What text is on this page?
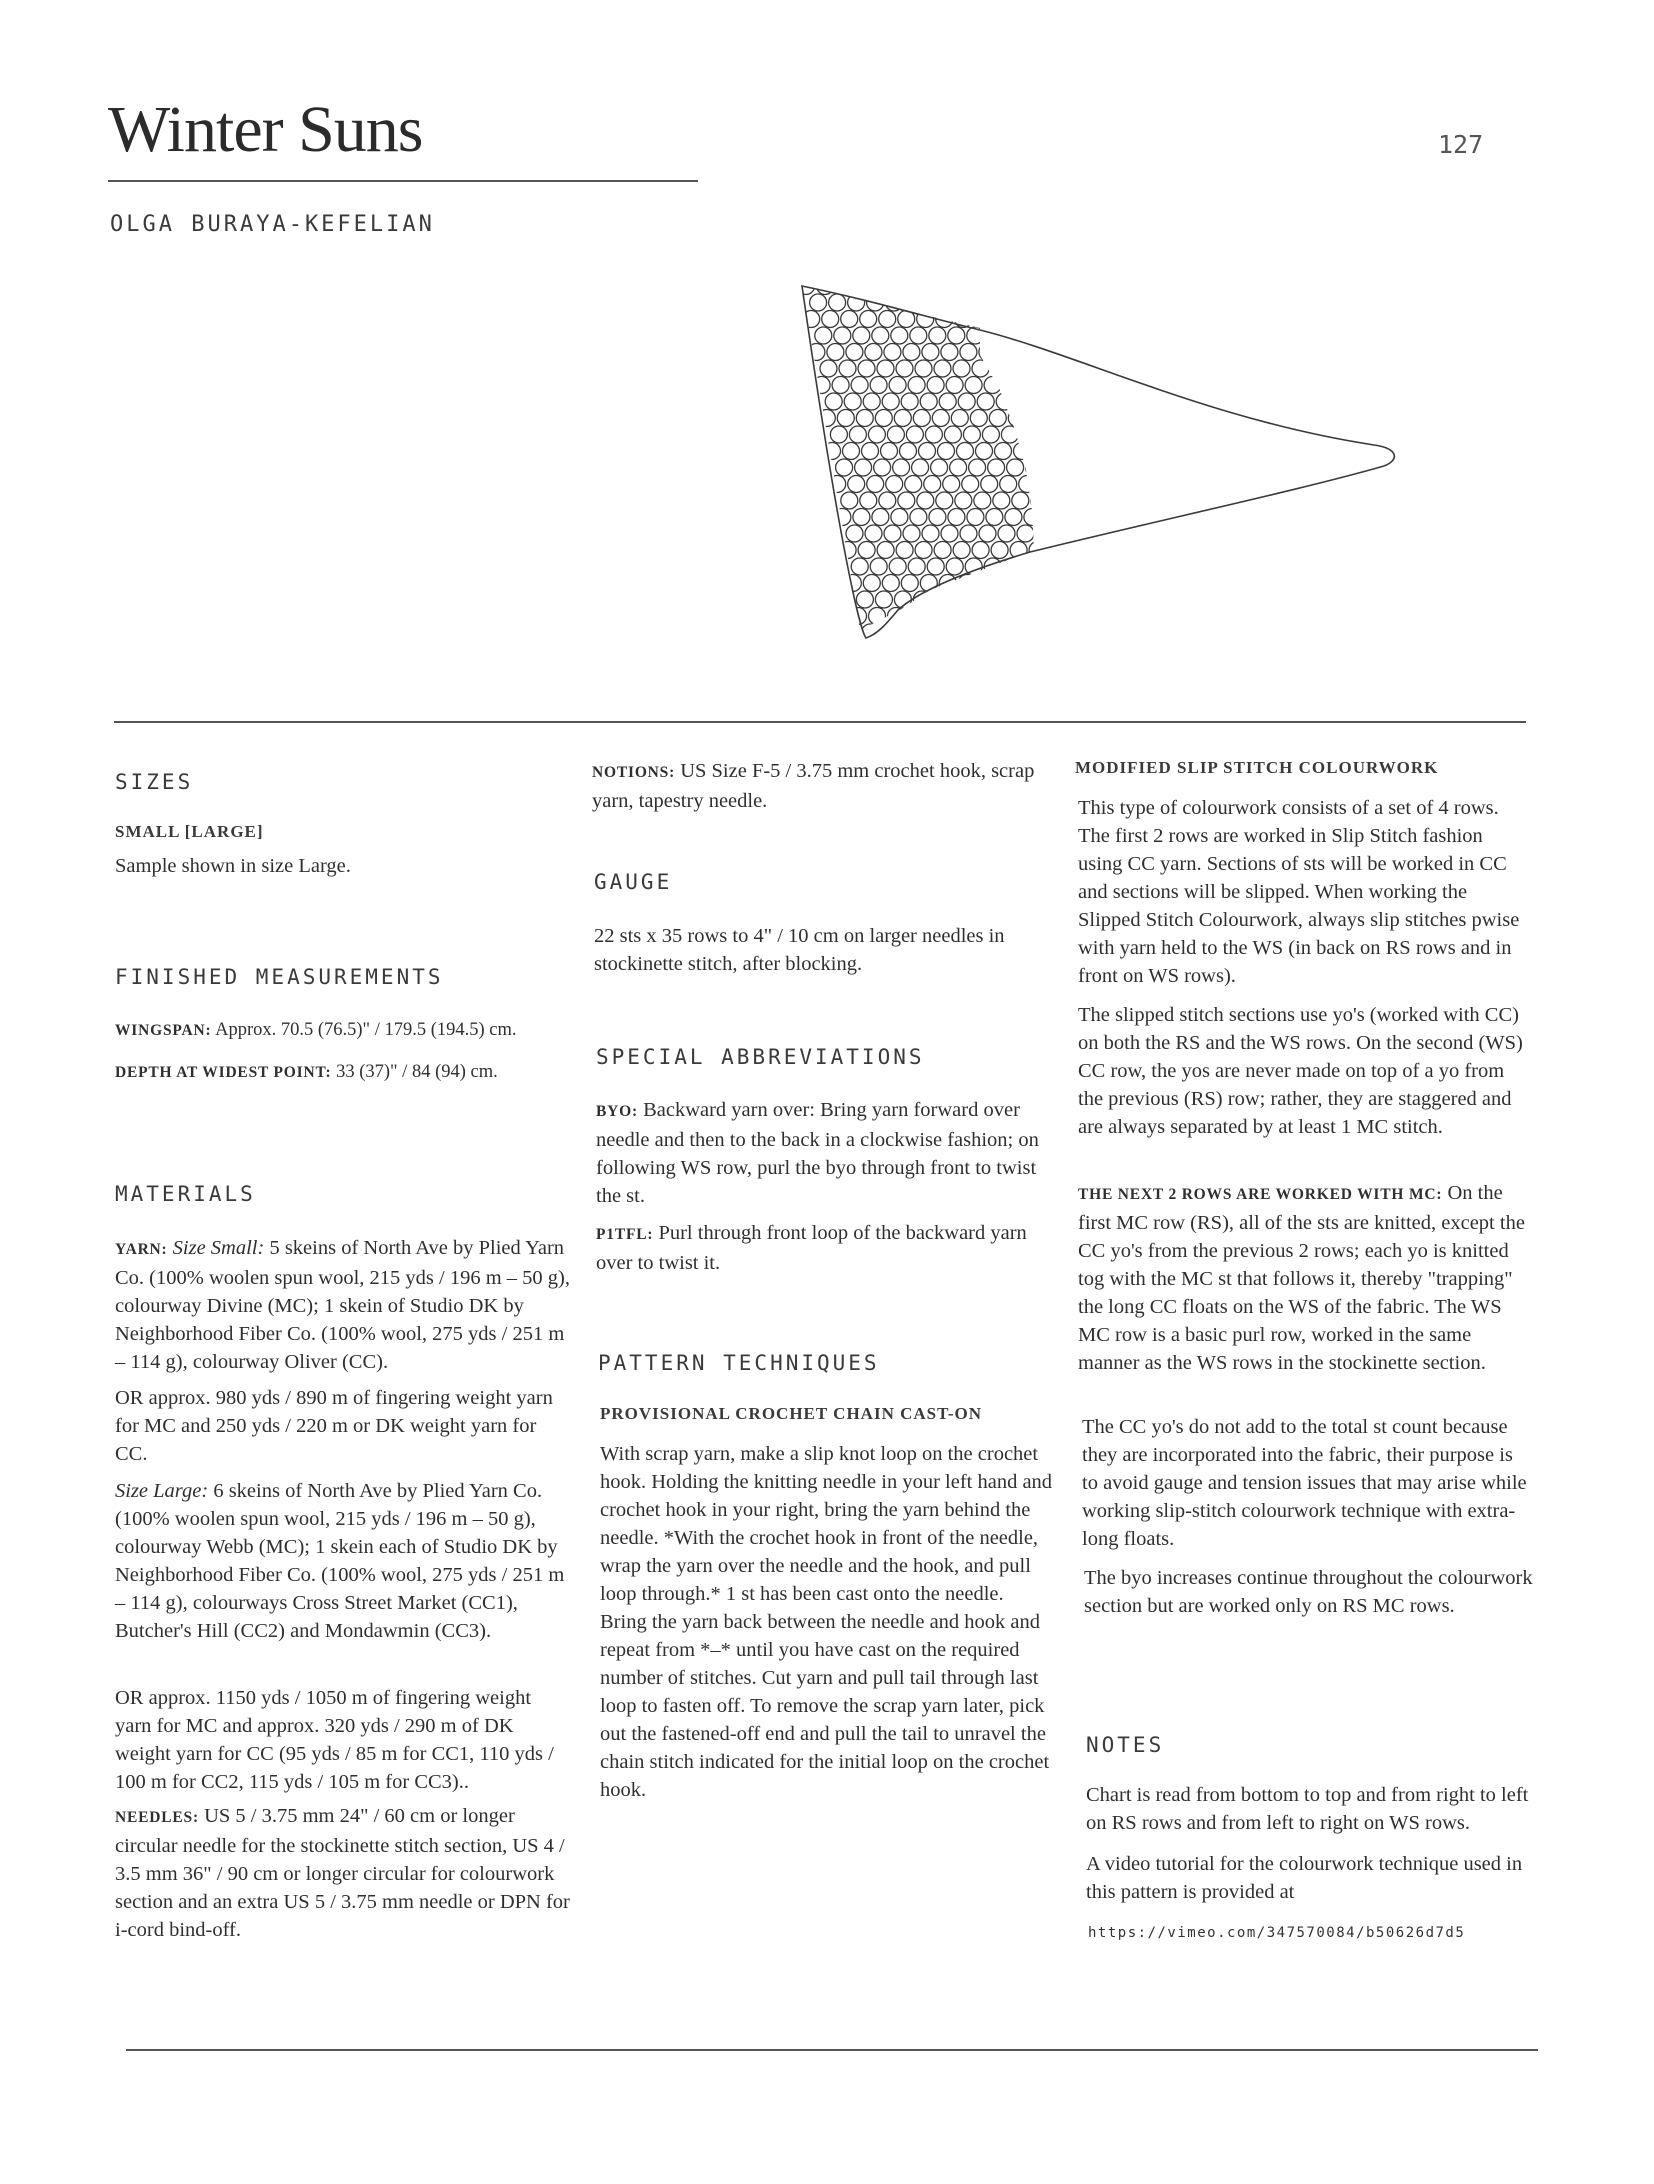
Winter Suns	127
OLGA BURAYA-KEFELIAN
SIZES
SMALL [LARGE]

Sample shown in size Large.

FINISHED MEASUREMENTS

WINGSPAN: Approx. 70.5 (76.5)" / 179.5 (194.5) cm.

DEPTH AT WIDEST POINT: 33 (37)" / 84 (94) cm.

MATERIALS

YARN: Size Small: 5 skeins of North Ave by Plied Yarn Co. (100% woolen spun wool, 215 yds / 196 m – 50 g), colourway Divine (MC); 1 skein of Studio DK by Neighborhood Fiber Co. (100% wool, 275 yds / 251 m – 114 g), colourway Oliver (CC).

OR approx. 980 yds / 890 m of fingering weight yarn for MC and 250 yds / 220 m or DK weight yarn for CC.

Size Large: 6 skeins of North Ave by Plied Yarn Co. (100% woolen spun wool, 215 yds / 196 m – 50 g), colourway Webb (MC); 1 skein each of Studio DK by Neighborhood Fiber Co. (100% wool, 275 yds / 251 m – 114 g), colourways Cross Street Market (CC1), Butcher's Hill (CC2) and Mondawmin (CC3).

OR approx. 1150 yds / 1050 m of fingering weight yarn for MC and approx. 320 yds / 290 m of DK weight yarn for CC (95 yds / 85 m for CC1, 110 yds / 100 m for CC2, 115 yds / 105 m for CC3)..

NEEDLES: US 5 / 3.75 mm 24" / 60 cm or longer circular needle for the stockinette stitch section, US 4 / 3.5 mm 36" / 90 cm or longer circular for colourwork section and an extra US 5 / 3.75 mm needle or DPN for i-cord bind-off.

NOTIONS: US Size F-5 / 3.75 mm crochet hook, scrap yarn, tapestry needle.

GAUGE

22 sts x 35 rows to 4" / 10 cm on larger needles in stockinette stitch, after blocking.

SPECIAL ABBREVIATIONS

BYO: Backward yarn over: Bring yarn forward over needle and then to the back in a clockwise fashion; on following WS row, purl the byo through front to twist the st.

P1TFL: Purl through front loop of the backward yarn over to twist it.

PATTERN TECHNIQUES
PROVISIONAL CROCHET CHAIN CAST-ON

With scrap yarn, make a slip knot loop on the crochet hook. Holding the knitting needle in your left hand and crochet hook in your right, bring the yarn behind the needle. *With the crochet hook in front of the needle, wrap the yarn over the needle and the hook, and pull loop through.* 1 st has been cast onto the needle. Bring the yarn back between the needle and hook and repeat from *–* until you have cast on the required number of stitches. Cut yarn and pull tail through last loop to fasten off. To remove the scrap yarn later, pick out the fastened-off end and pull the tail to unravel the chain stitch indicated for the initial loop on the crochet hook.

MODIFIED SLIP STITCH COLOURWORK

This type of colourwork consists of a set of 4 rows. The first 2 rows are worked in Slip Stitch fashion using CC yarn. Sections of sts will be worked in CC and sections will be slipped. When working the Slipped Stitch Colourwork, always slip stitches pwise with yarn held to the WS (in back on RS rows and in front on WS rows).

The slipped stitch sections use yo's (worked with CC) on both the RS and the WS rows. On the second (WS) CC row, the yos are never made on top of a yo from the previous (RS) row; rather, they are staggered and are always separated by at least 1 MC stitch.

THE NEXT 2 ROWS ARE WORKED WITH MC: On the first MC row (RS), all of the sts are knitted, except the CC yo's from the previous 2 rows; each yo is knitted tog with the MC st that follows it, thereby "trapping" the long CC floats on the WS of the fabric. The WS MC row is a basic purl row, worked in the same manner as the WS rows in the stockinette section.

The CC yo's do not add to the total st count because they are incorporated into the fabric, their purpose is to avoid gauge and tension issues that may arise while working slip-stitch colourwork technique with extra-long floats.

The byo increases continue throughout the colourwork section but are worked only on RS MC rows.

NOTES

Chart is read from bottom to top and from right to left on RS rows and from left to right on WS rows.

A video tutorial for the colourwork technique used in this pattern is provided at

https://vimeo.com/347570084/b50626d7d5
